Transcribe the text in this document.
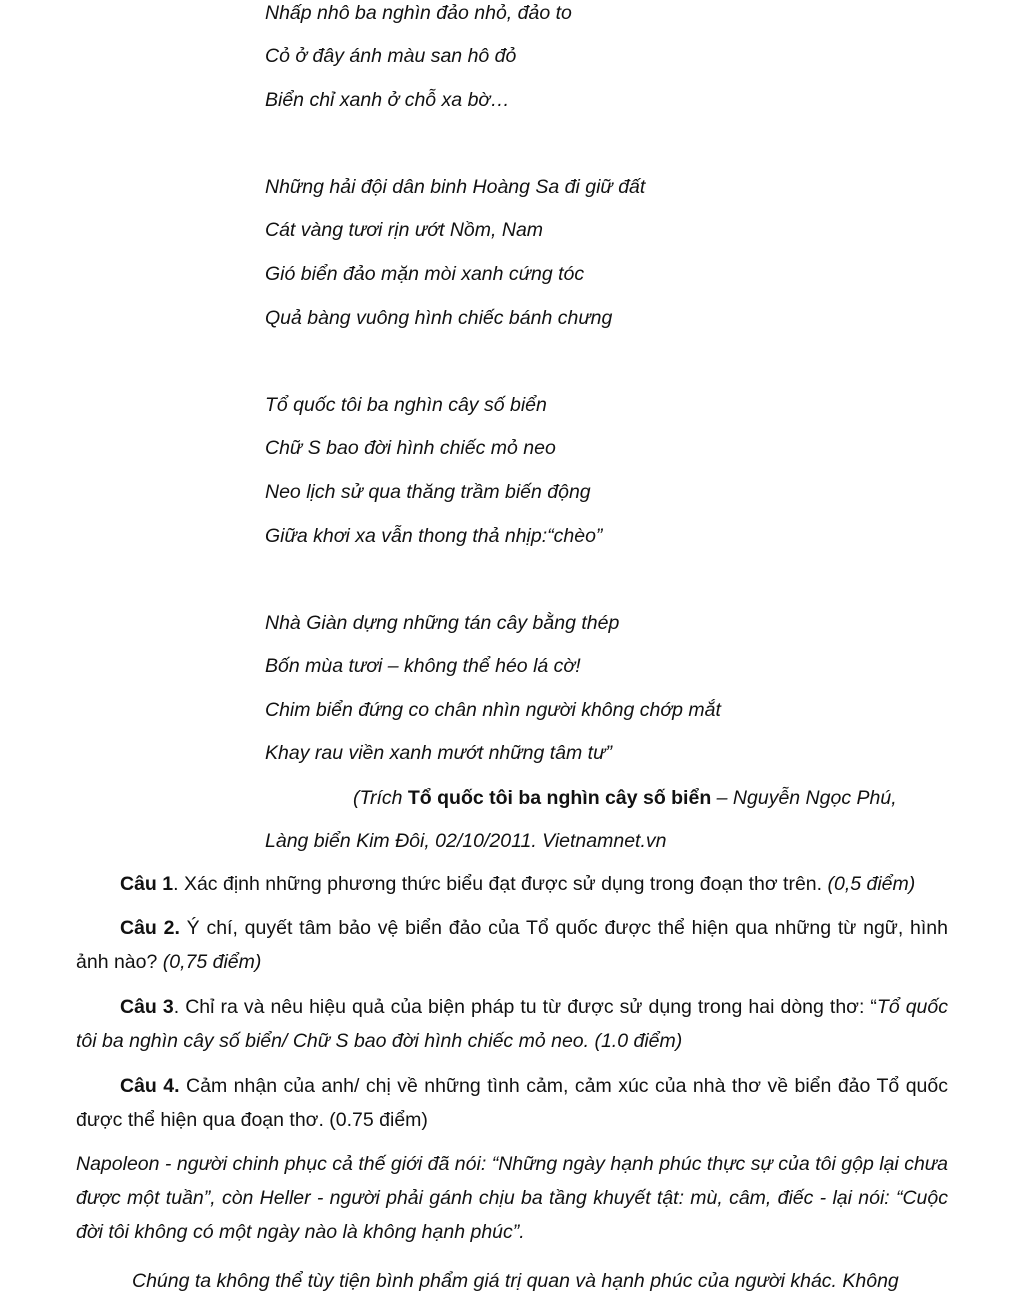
Nhấp nhô ba nghìn đảo nhỏ, đảo to
Cỏ ở đây ánh màu san hô đỏ
Biển chỉ xanh ở chỗ xa bờ…
Những hải đội dân binh Hoàng Sa đi giữ đất
Cát vàng tươi rịn ướt Nồm, Nam
Gió biển đảo mặn mòi xanh cứng tóc
Quả bàng vuông hình chiếc bánh chưng
Tổ quốc tôi ba nghìn cây số biển
Chữ S bao đời hình chiếc mỏ neo
Neo lịch sử qua thăng trầm biến động
Giữa khơi xa vẫn thong thả nhịp:“chèo”
Nhà Giàn dựng những tán cây bằng thép
Bốn mùa tươi – không thể héo lá cờ!
Chim biển đứng co chân nhìn người không chớp mắt
Khay rau viền xanh mướt những tâm tư”
(Trích Tổ quốc tôi ba nghìn cây số biển – Nguyễn Ngọc Phú,
Làng biển Kim Đôi, 02/10/2011. Vietnamnet.vn
Câu 1. Xác định những phương thức biểu đạt được sử dụng trong đoạn thơ trên. (0,5 điểm)
Câu 2. Ý chí, quyết tâm bảo vệ biển đảo của Tổ quốc được thể hiện qua những từ ngữ, hình ảnh nào? (0,75 điểm)
Câu 3. Chỉ ra và nêu hiệu quả của biện pháp tu từ được sử dụng trong hai dòng thơ: “Tổ quốc tôi ba nghìn cây số biển/ Chữ S bao đời hình chiếc mỏ neo. (1.0 điểm)
Câu 4. Cảm nhận của anh/ chị về những tình cảm, cảm xúc của nhà thơ về biển đảo Tổ quốc được thể hiện qua đoạn thơ. (0.75 điểm)
Napoleon - người chinh phục cả thế giới đã nói: “Những ngày hạnh phúc thực sự của tôi gộp lại chưa được một tuần”, còn Heller - người phải gánh chịu ba tầng khuyết tật: mù, câm, điếc - lại nói: “Cuộc đời tôi không có một ngày nào là không hạnh phúc”.
Chúng ta không thể tùy tiện bình phẩm giá trị quan và hạnh phúc của người khác. Không
